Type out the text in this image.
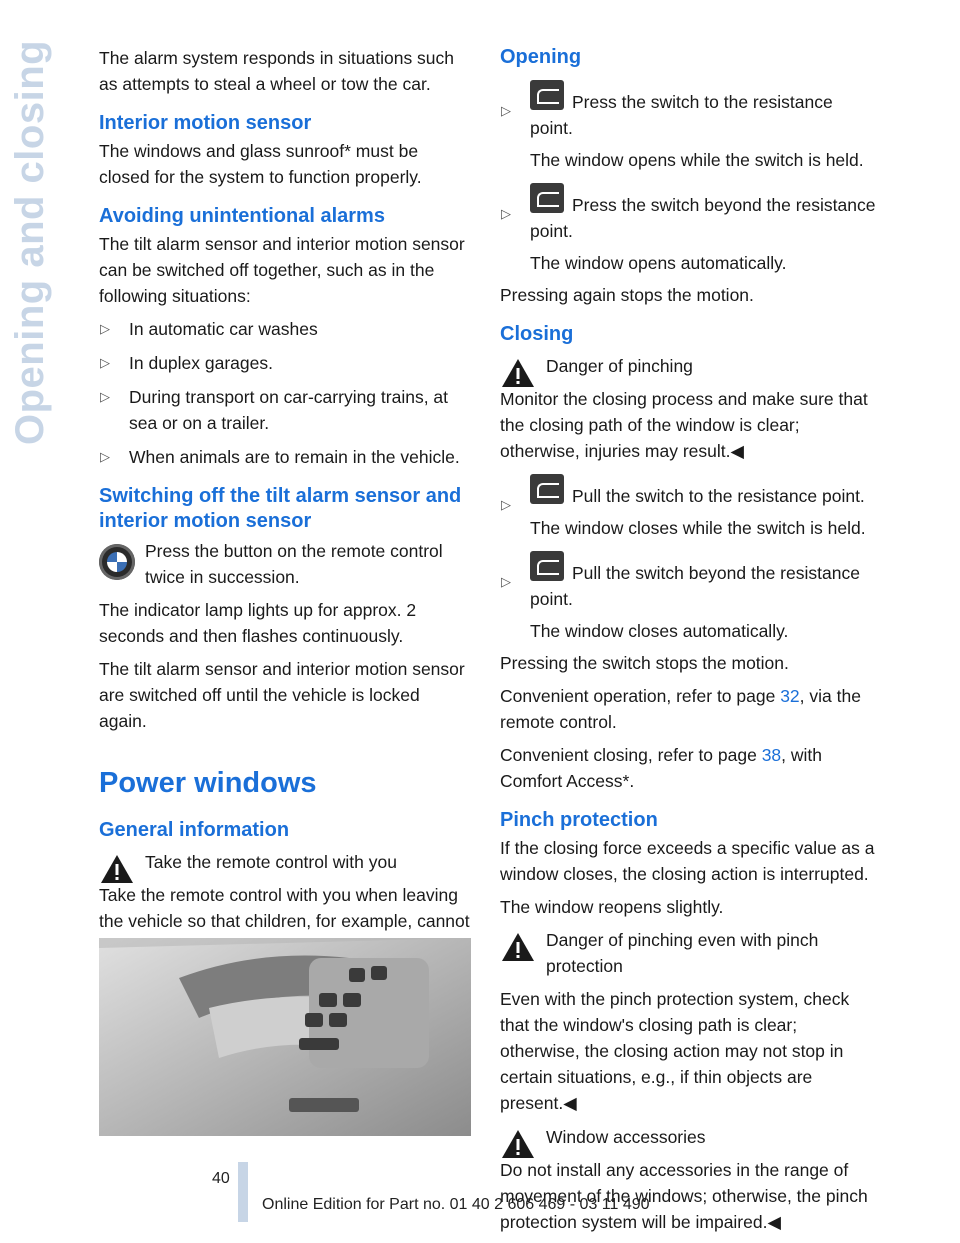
Opening and closing	The alarm system responds in situations such as attempts to steal a wheel or tow the car.

Interior motion sensor

The windows and glass sunroof* must be closed for the system to function properly.

Avoiding unintentional alarms

The tilt alarm sensor and interior motion sensor can be switched off together, such as in the following situations:

▷ In automatic car washes
▷ In duplex garages.
▷ During transport on car-carrying trains, at sea or on a trailer.
▷ When animals are to remain in the vehicle.
Switching off the tilt alarm sensor and interior motion sensor

Press the button on the remote control twice in succession.

The indicator lamp lights up for approx. 2 seconds and then flashes continuously.

The tilt alarm sensor and interior motion sensor are switched off until the vehicle is locked again.

Power windows
General information

Take the remote control with you

Take the remote control with you when leaving the vehicle so that children, for example, cannot

Opening
▷	Press the switch to the resistance point.
The window opens while the switch is held.
▷	Press the switch beyond the resistance point.
The window opens automatically.

Pressing again stops the motion.

Closing

Danger of pinching

Monitor the closing process and make sure that the closing path of the window is clear; otherwise, injuries may result.◀

▷	Pull the switch to the resistance point.
The window closes while the switch is held.
▷	Pull the switch beyond the resistance point.
The window closes automatically.

Pressing the switch stops the motion.

Convenient operation, refer to page 32, via the remote control.

Convenient closing, refer to page 38, with Comfort Access*.

Pinch protection

If the closing force exceeds a specific value as a window closes, the closing action is interrupted.

The window reopens slightly.

Danger of pinching even with pinch protection

Even with the pinch protection system, check that the window's closing path is clear; otherwise, the closing action may not stop in certain situations, e.g., if thin objects are present.◀

Window accessories

Do not install any accessories in the range of movement of the windows; otherwise, the pinch protection system will be impaired.◀

40
Online Edition for Part no. 01 40 2 606 469 - 03 11 490
